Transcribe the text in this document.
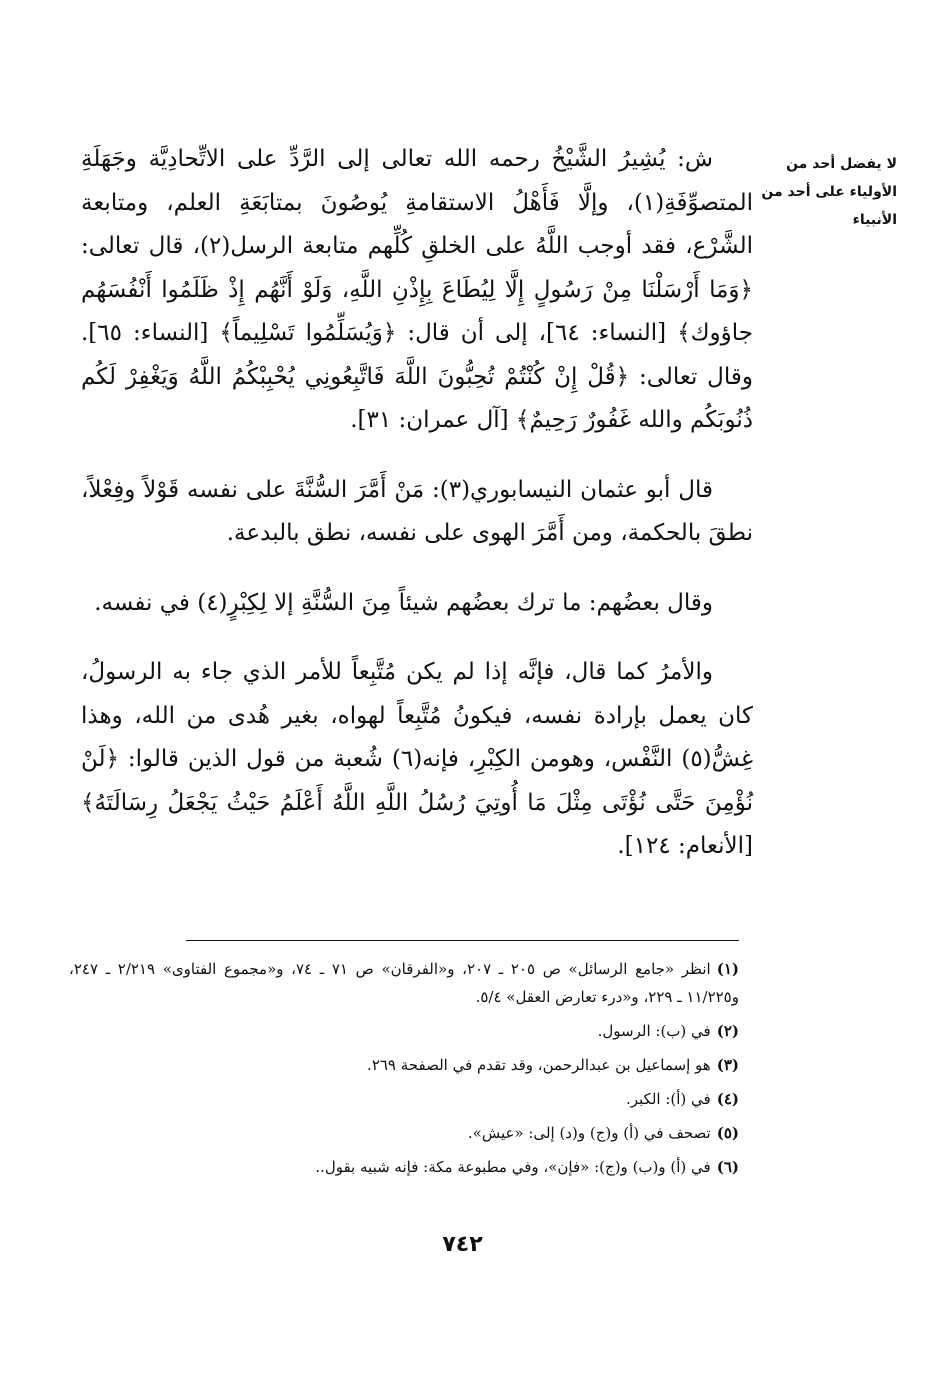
لا يفضل أحد من
الأولياء على أحد من
الأنبياء

ش: يُشِيرُ الشَّيْخُ رحمه الله تعالى إلى الرَّدِّ على الاتِّحادِيَّة وجَهَلَةِ المتصوِّفَةِ(١)، وإلَّا فَأَهْلُ الاستقامةِ يُوصُونَ بمتابَعَةِ العلم، ومتابعة الشَّرْع، فقد أوجب اللَّهُ على الخلقِ كُلِّهم متابعة الرسل(٢)، قال تعالى: ﴿وَمَا أَرْسَلْنَا مِنْ رَسُولٍ إِلَّا لِيُطَاعَ بِإِذْنِ اللَّهِ، وَلَوْ أَنَّهُم إِذْ ظَلَمُوا أَنْفُسَهُم جاؤوك﴾ [النساء: ٦٤]، إلى أن قال: ﴿وَيُسَلِّمُوا تَسْلِيماً﴾ [النساء: ٦٥]. وقال تعالى: ﴿قُلْ إِنْ كُنْتُمْ تُحِبُّونَ اللَّهَ فَاتَّبِعُونِي يُحْبِبْكُمُ اللَّهُ وَيَغْفِرْ لَكُم ذُنُوبَكُم والله غَفُورٌ رَحِيمٌ﴾ [آل عمران: ٣١].

قال أبو عثمان النيسابوري(٣): مَنْ أَمَّرَ السُّنَّةَ على نفسه قَوْلاً وفِعْلاً، نطقَ بالحكمة، ومن أَمَّرَ الهوى على نفسه، نطق بالبدعة.

وقال بعضُهم: ما ترك بعضُهم شيئاً مِنَ السُّنَّةِ إلا لِكِبْرٍ(٤) في نفسه.

والأمرُ كما قال، فإنَّه إذا لم يكن مُتَّبِعاً للأمر الذي جاء به الرسولُ، كان يعمل بإرادة نفسه، فيكونُ مُتَّبِعاً لهواه، بغير هُدى من الله، وهذا غِشُّ(٥) النَّفْس، وهومن الكِبْرِ، فإنه(٦) شُعبة من قول الذين قالوا: ﴿لَنْ نُؤْمِنَ حَتَّى نُؤْتَى مِثْلَ مَا أُوتِيَ رُسُلُ اللَّهِ اللَّهُ أَعْلَمُ حَيْثُ يَجْعَلُ رِسَالَتَهُ﴾ [الأنعام: ١٢٤].

(١)انظر «جامع الرسائل» ص ٢٠٥ ـ ٢٠٧، و«الفرقان» ص ٧١ ـ ٧٤، و«مجموع الفتاوى» ٢/٢١٩ ـ ٢٤٧، و١١/٢٢٥ ـ ٢٢٩، و«درء تعارض العقل» ٥/٤.

(٢)في (ب): الرسول.

(٣)هو إسماعيل بن عبدالرحمن، وقد تقدم في الصفحة ٢٦٩.

(٤)في (أ): الكبر.

(٥)تصحف في (أ) و(ج) و(د) إلى: «عيش».

(٦)في (أ) و(ب) و(ج): «فإن»، وفي مطبوعة مكة: فإنه شبيه بقول..

٧٤٢
